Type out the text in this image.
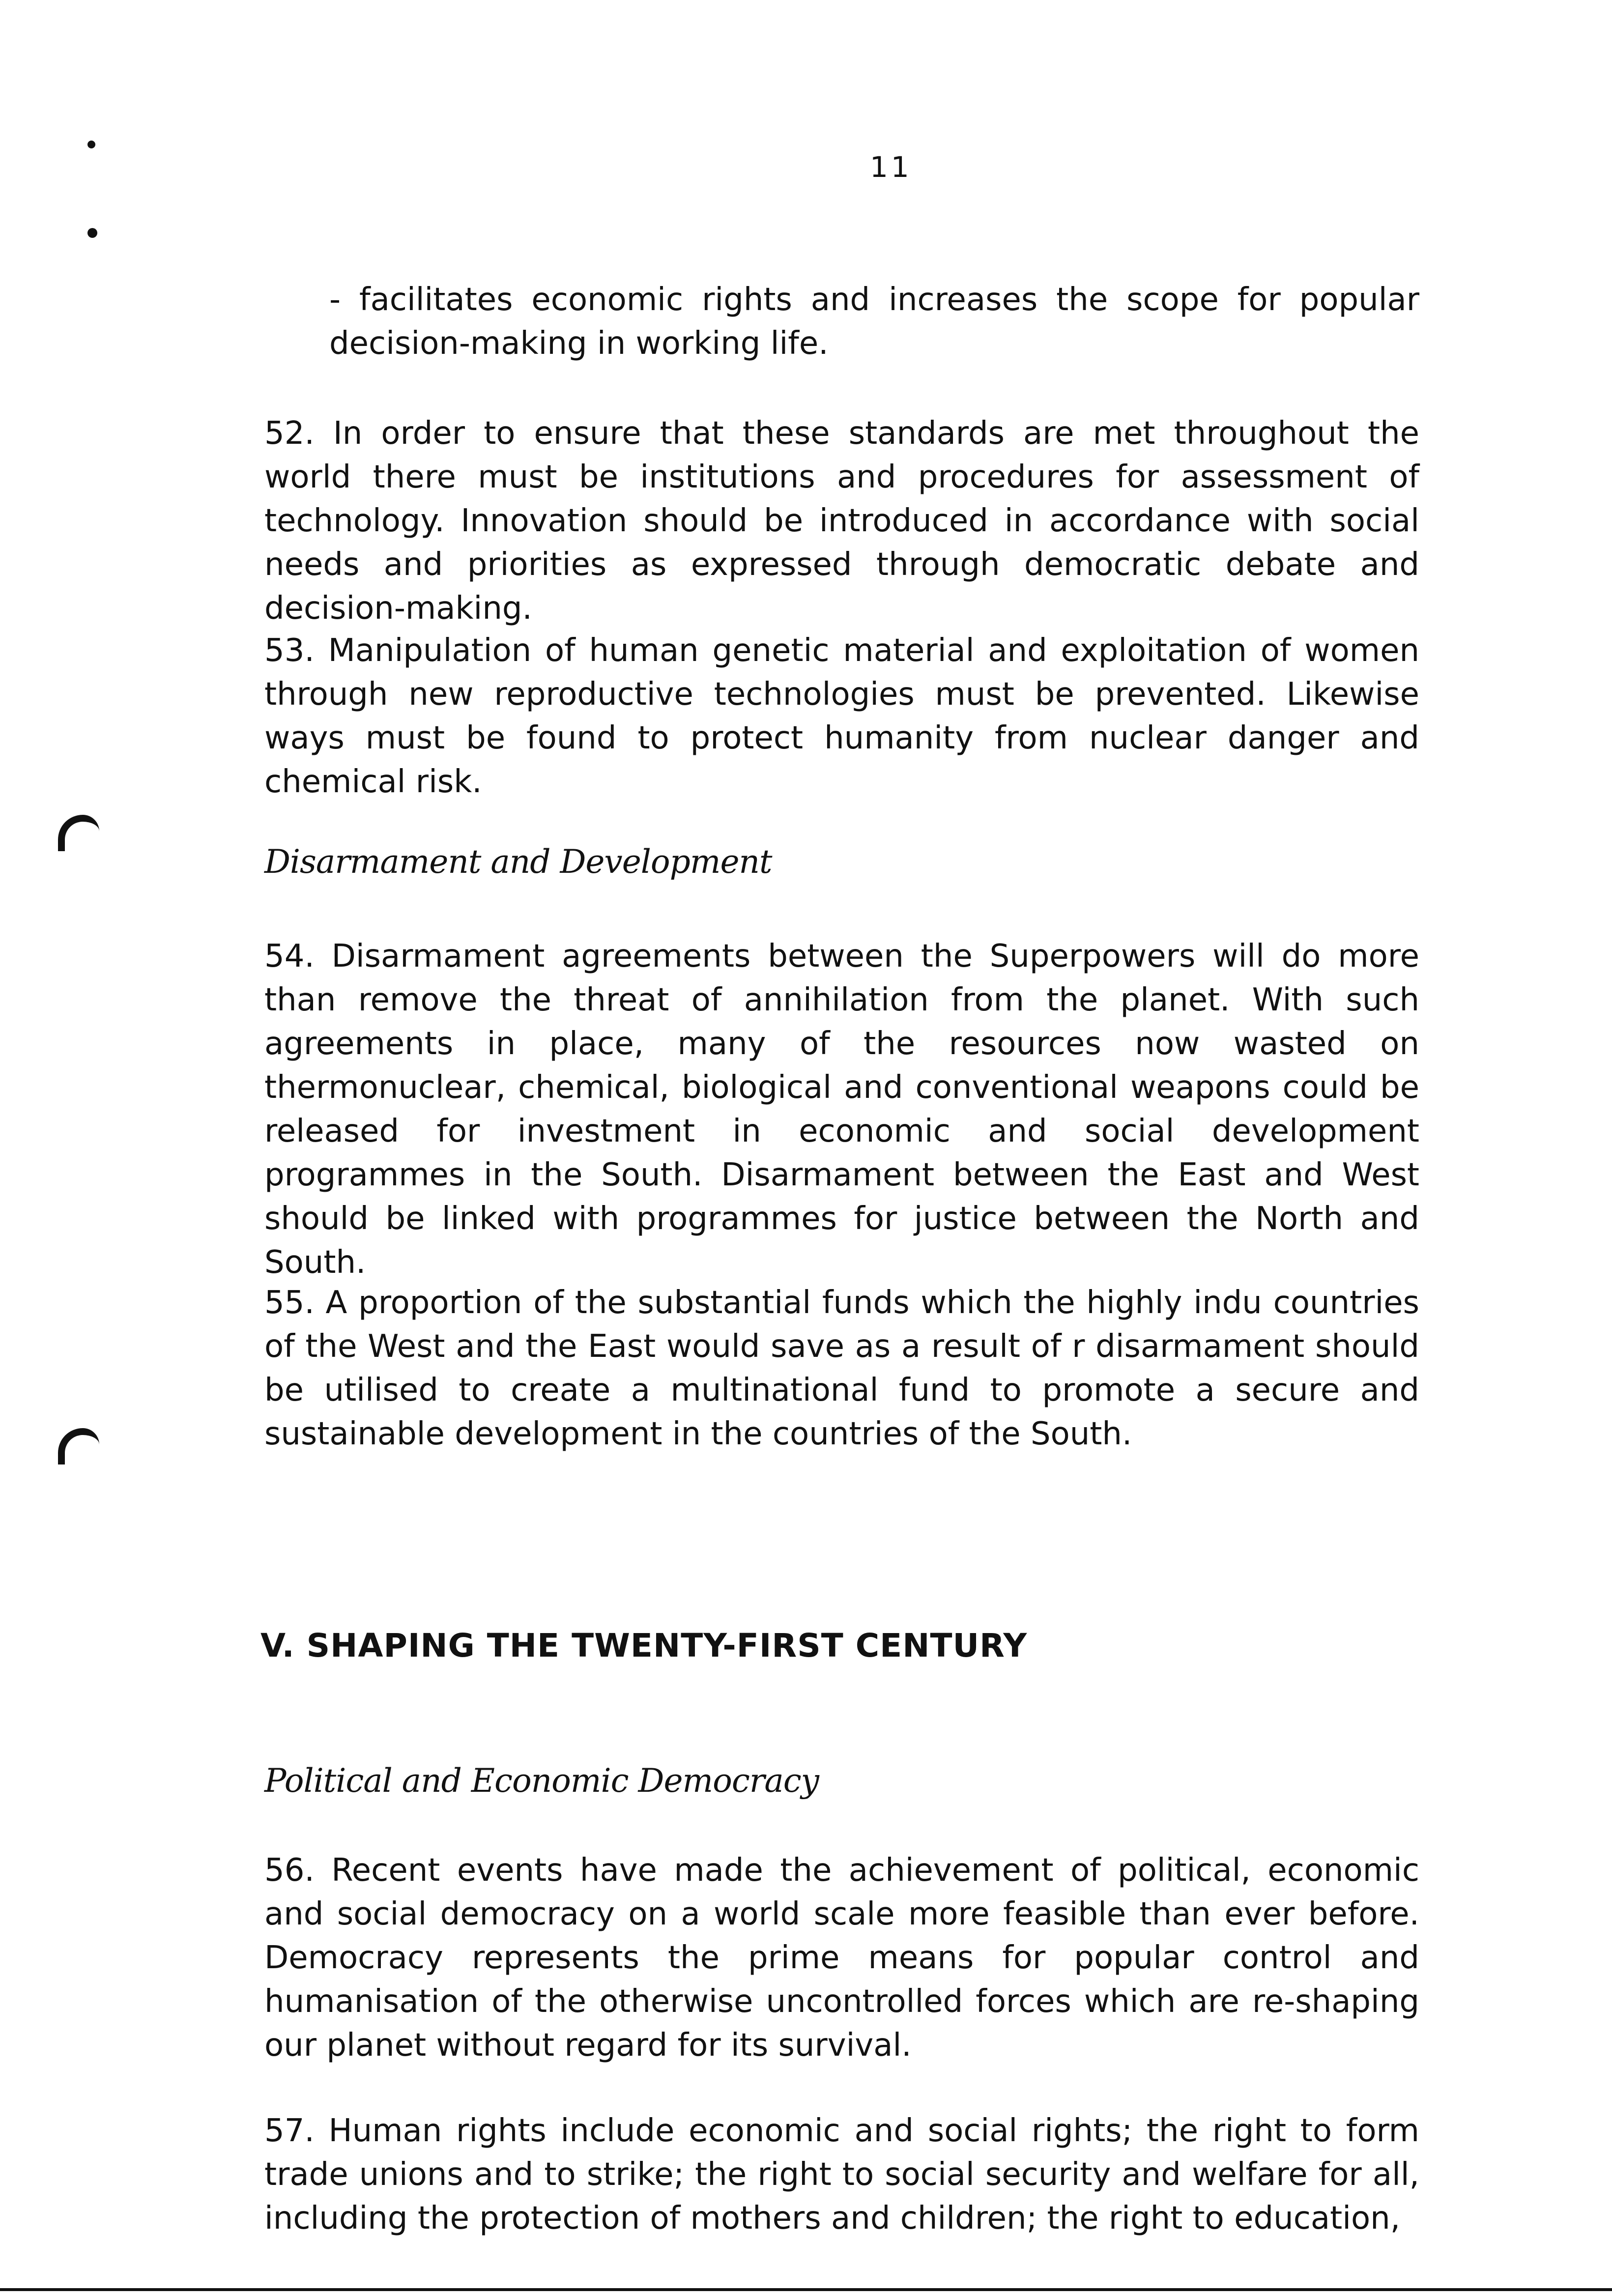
11

- facilitates economic rights and increases the scope for popular decision-making in working life.

52. In order to ensure that these standards are met throughout the world there must be institutions and procedures for assessment of technology. Innovation should be introduced in accordance with social needs and priorities as expressed through democratic debate and decision-making.

53. Manipulation of human genetic material and exploitation of women through new reproductive technologies must be prevented. Likewise ways must be found to protect humanity from nuclear danger and chemical risk.

Disarmament and Development

54. Disarmament agreements between the Superpowers will do more than remove the threat of annihilation from the planet. With such agreements in place, many of the resources now wasted on thermonuclear, chemical, biological and conventional weapons could be released for investment in economic and social development programmes in the South. Disarmament between the East and West should be linked with programmes for justice between the North and South.

55. A proportion of the substantial funds which the highly indu countries of the West and the East would save as a result of r disarmament should be utilised to create a multinational fund to promote a secure and sustainable development in the countries of the South.

V. SHAPING THE TWENTY-FIRST CENTURY
Political and Economic Democracy

56. Recent events have made the achievement of political, economic and social democracy on a world scale more feasible than ever before. Democracy represents the prime means for popular control and humanisation of the otherwise uncontrolled forces which are re-shaping our planet without regard for its survival.

57. Human rights include economic and social rights; the right to form trade unions and to strike; the right to social security and welfare for all, including the protection of mothers and children; the right to education,
